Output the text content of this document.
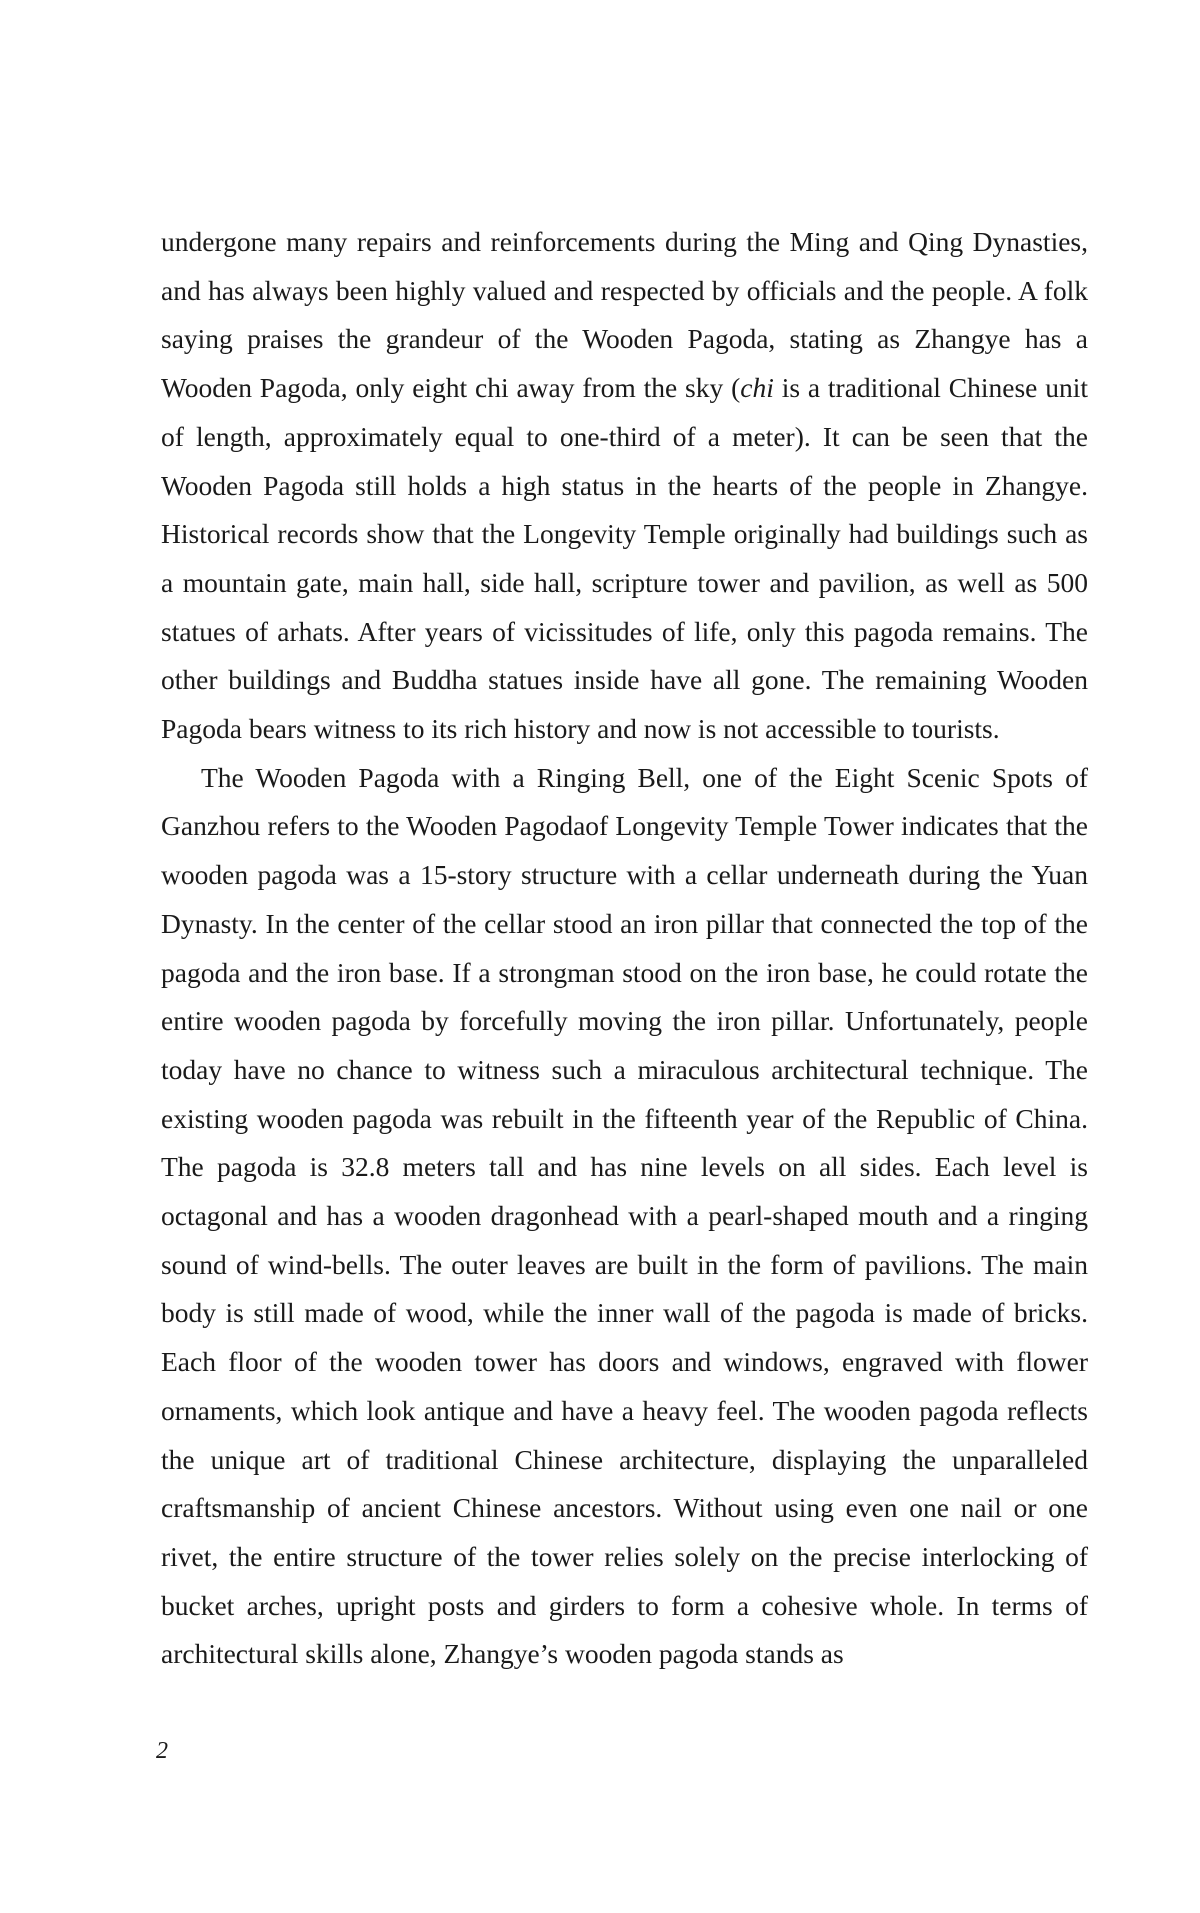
undergone many repairs and reinforcements during the Ming and Qing Dynasties, and has always been highly valued and respected by officials and the people. A folk saying praises the grandeur of the Wooden Pagoda, stating as Zhangye has a Wooden Pagoda, only eight chi away from the sky (chi is a traditional Chinese unit of length, approximately equal to one-third of a meter). It can be seen that the Wooden Pagoda still holds a high status in the hearts of the people in Zhangye. Historical records show that the Longevity Temple originally had buildings such as a mountain gate, main hall, side hall, scripture tower and pavilion, as well as 500 statues of arhats. After years of vicissitudes of life, only this pagoda remains. The other buildings and Buddha statues inside have all gone. The remaining Wooden Pagoda bears witness to its rich history and now is not accessible to tourists.

The Wooden Pagoda with a Ringing Bell, one of the Eight Scenic Spots of Ganzhou refers to the Wooden Pagodaof Longevity Temple Tower indicates that the wooden pagoda was a 15-story structure with a cellar underneath during the Yuan Dynasty. In the center of the cellar stood an iron pillar that connected the top of the pagoda and the iron base. If a strongman stood on the iron base, he could rotate the entire wooden pagoda by forcefully moving the iron pillar. Unfortunately, people today have no chance to witness such a miraculous architectural technique. The existing wooden pagoda was rebuilt in the fifteenth year of the Republic of China. The pagoda is 32.8 meters tall and has nine levels on all sides. Each level is octagonal and has a wooden dragonhead with a pearl-shaped mouth and a ringing sound of wind-bells. The outer leaves are built in the form of pavilions. The main body is still made of wood, while the inner wall of the pagoda is made of bricks. Each floor of the wooden tower has doors and windows, engraved with flower ornaments, which look antique and have a heavy feel. The wooden pagoda reflects the unique art of traditional Chinese architecture, displaying the unparalleled craftsmanship of ancient Chinese ancestors. Without using even one nail or one rivet, the entire structure of the tower relies solely on the precise interlocking of bucket arches, upright posts and girders to form a cohesive whole. In terms of architectural skills alone, Zhangye’s wooden pagoda stands as

2
